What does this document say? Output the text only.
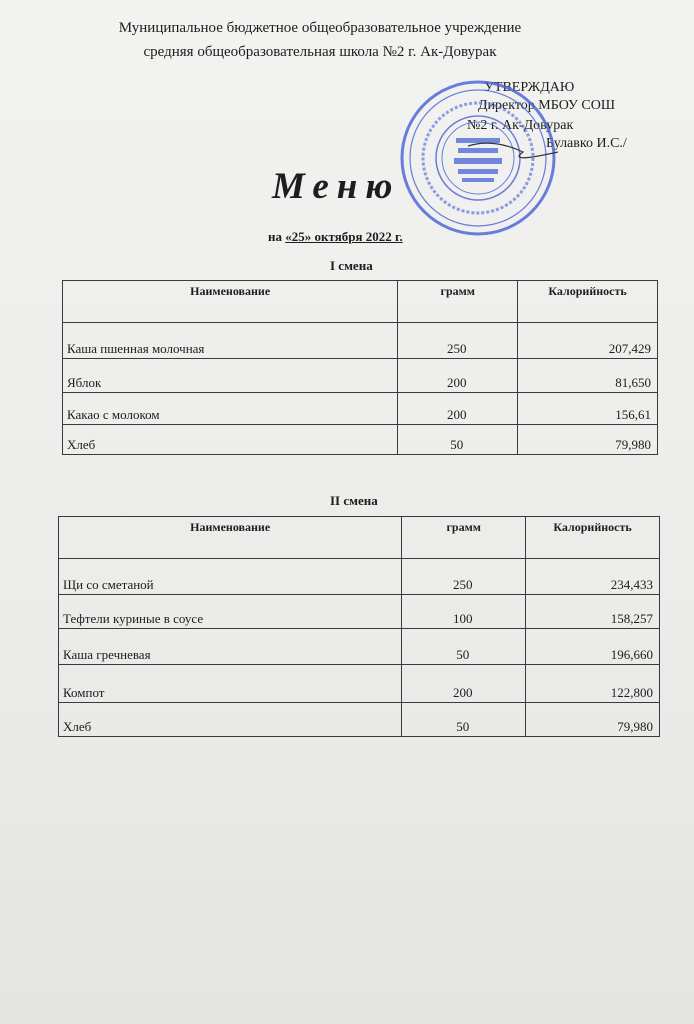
Муниципальное бюджетное общеобразовательное учреждение
средняя общеобразовательная школа №2 г. Ак-Довурак
УТВЕРЖДАЮ
Директор МБОУ СОШ
№2 г. Ак-Довурак
Булавко И.С./
Меню
на «25» октября 2022 г.
I смена
Наименование	грамм	Калорийность
Каша пшенная молочная	250	207,429
Яблок	200	81,650
Какао с молоком	200	156,61
Хлеб	50	79,980
II смена
Наименование	грамм	Калорийность
Щи со сметаной	250	234,433
Тефтели куриные в соусе	100	158,257
Каша гречневая	50	196,660
Компот	200	122,800
Хлеб	50	79,980
